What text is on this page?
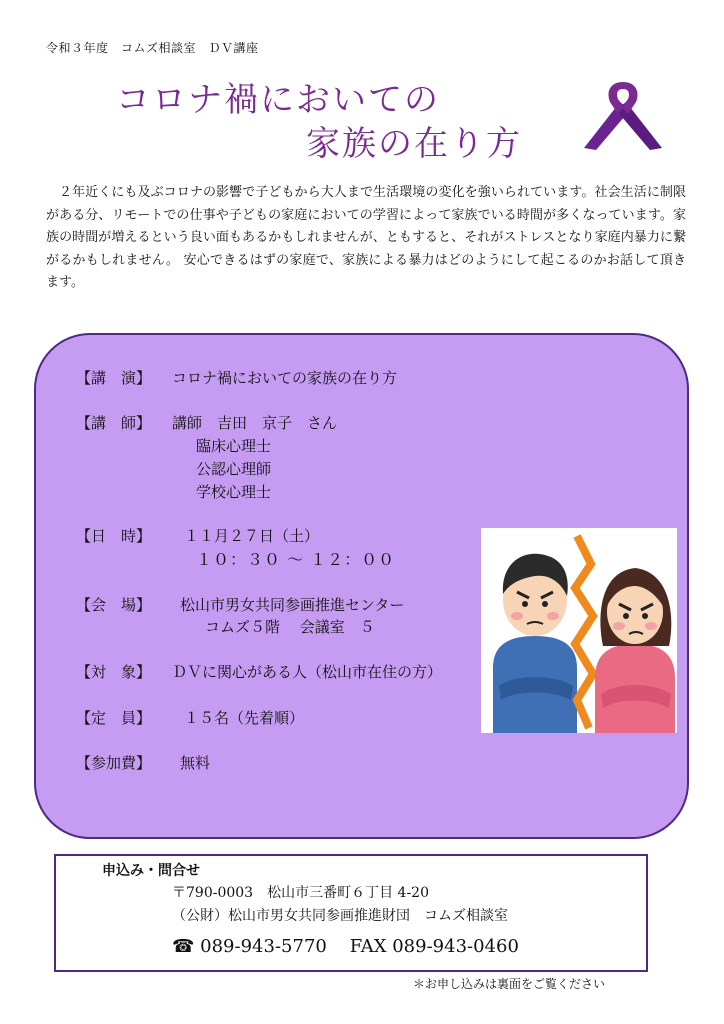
令和３年度　コムズ相談室　ＤＶ講座
コロナ禍においての
家族の在り方
２年近くにも及ぶコロナの影響で子どもから大人まで生活環境の変化を強いられています。社会生活に制限がある分、リモートでの仕事や子どもの家庭においての学習によって家族でいる時間が多くなっています。家族の時間が増えるという良い面もあるかもしれませんが、ともすると、それがストレスとなり家庭内暴力に繋がるかもしれません。 安心できるはずの家庭で、家族による暴力はどのようにして起こるのかお話して頂きます。
【講　演】 コロナ禍においての家族の在り方
【講　師】 講師　吉田　京子　さん
臨床心理士
公認心理師
学校心理士
【日　時】 １１月２７日（土）
１０：３０ ～ １２：００
【会　場】 松山市男女共同参画推進センター
コムズ５階　 会議室　５
【対　象】 ＤＶに関心がある人（松山市在住の方）
【定　員】 １５名（先着順）
【参加費】 無料
申込み・問合せ
〒790-0003　松山市三番町６丁目 4-20
（公財）松山市男女共同参画推進財団　コムズ相談室
☎ 089-943-5770 FAX 089-943-0460
＊お申し込みは裏面をご覧ください
